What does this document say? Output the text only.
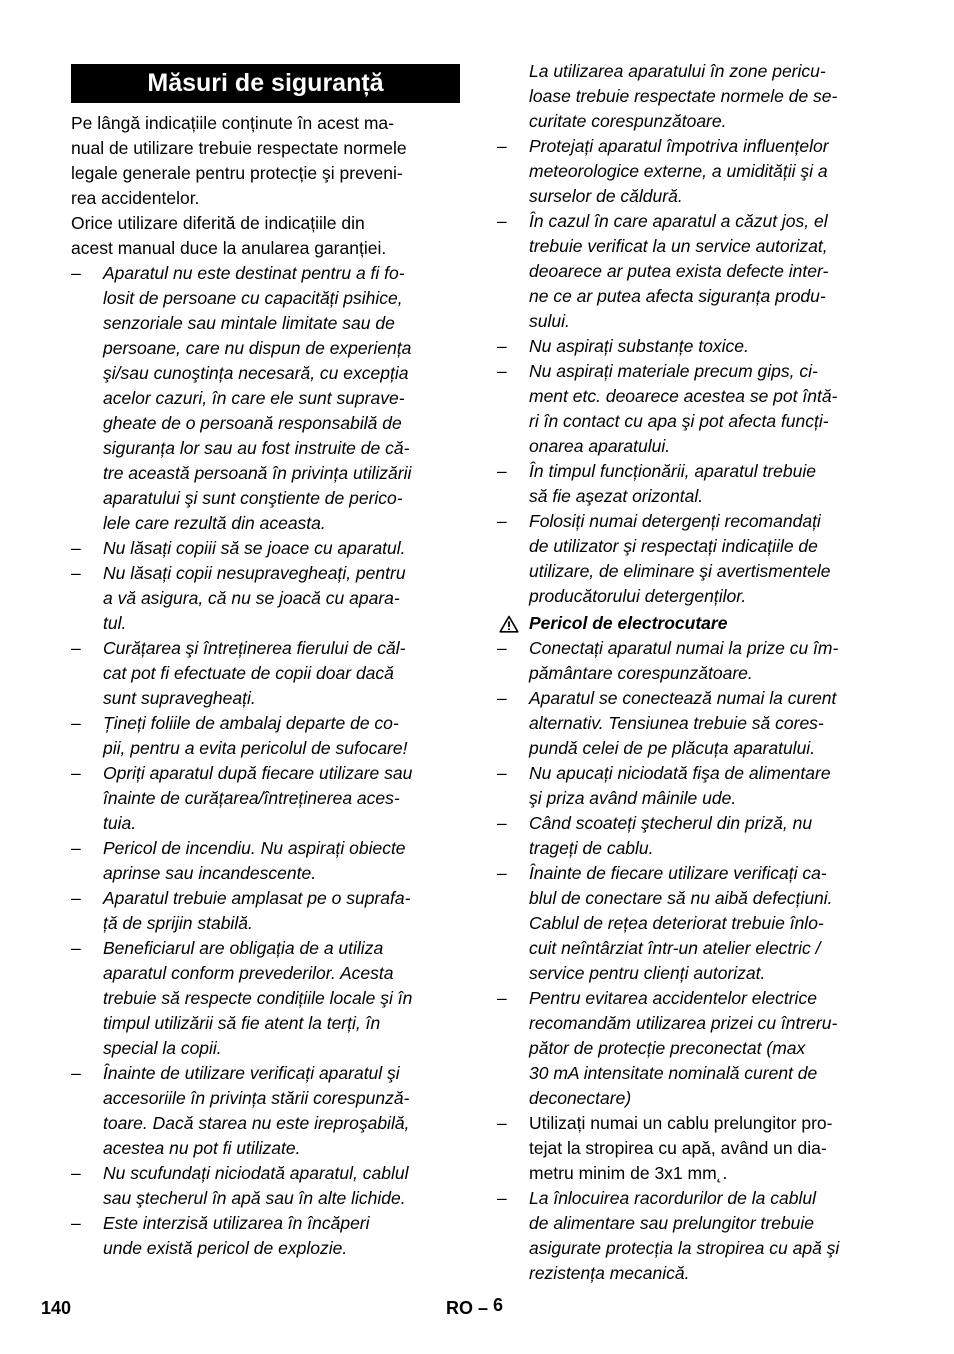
Măsuri de siguranță

Pe lângă indicațiile conținute în acest ma-
nual de utilizare trebuie respectate normele
legale generale pentru protecție şi preveni-
rea accidentelor.

Orice utilizare diferită de indicațiile din
acest manual duce la anularea garanției.

–	Aparatul nu este destinat pentru a fi fo-
losit de persoane cu capacități psihice,
senzoriale sau mintale limitate sau de
persoane, care nu dispun de experiența
şi/sau cunoştința necesară, cu excepția
acelor cazuri, în care ele sunt suprave-
gheate de o persoană responsabilă de
siguranța lor sau au fost instruite de că-
tre această persoană în privința utilizării
aparatului şi sunt conştiente de perico-
lele care rezultă din aceasta.
–	Nu lăsați copiii să se joace cu aparatul.
–	Nu lăsați copii nesupravegheați, pentru
a vă asigura, că nu se joacă cu apara-
tul.
–	Curățarea şi întreținerea fierului de căl-
cat pot fi efectuate de copii doar dacă
sunt supravegheați.
–	Țineți foliile de ambalaj departe de co-
pii, pentru a evita pericolul de sufocare!
–	Opriți aparatul după fiecare utilizare sau
înainte de curățarea/întreținerea aces-
tuia.
–	Pericol de incendiu. Nu aspirați obiecte
aprinse sau incandescente.
–	Aparatul trebuie amplasat pe o suprafa-
ță de sprijin stabilă.
–	Beneficiarul are obligația de a utiliza
aparatul conform prevederilor. Acesta
trebuie să respecte condițiile locale şi în
timpul utilizării să fie atent la terți, în
special la copii.
–	Înainte de utilizare verificați aparatul şi
accesoriile în privința stării corespunză-
toare. Dacă starea nu este ireproşabilă,
acestea nu pot fi utilizate.
–	Nu scufundați niciodată aparatul, cablul
sau ştecherul în apă sau în alte lichide.
–	Este interzisă utilizarea în încăperi
unde există pericol de explozie.
La utilizarea aparatului în zone pericu-
loase trebuie respectate normele de se-
curitate corespunzătoare.
–	Protejați aparatul împotriva influențelor
meteorologice externe, a umidității şi a
surselor de căldură.
–	În cazul în care aparatul a căzut jos, el
trebuie verificat la un service autorizat,
deoarece ar putea exista defecte inter-
ne ce ar putea afecta siguranța produ-
sului.
–	Nu aspirați substanțe toxice.
–	Nu aspirați materiale precum gips, ci-
ment etc. deoarece acestea se pot întă-
ri în contact cu apa şi pot afecta funcți-
onarea aparatului.
–	În timpul funcționării, aparatul trebuie
să fie aşezat orizontal.
–	Folosiți numai detergenți recomandați
de utilizator şi respectați indicațiile de
utilizare, de eliminare şi avertismentele
producătorului detergenților.
Pericol de electrocutare
–	Conectați aparatul numai la prize cu îm-
pământare corespunzătoare.
–	Aparatul se conectează numai la curent
alternativ. Tensiunea trebuie să cores-
pundă celei de pe plăcuța aparatului.
–	Nu apucați niciodată fişa de alimentare
şi priza având mâinile ude.
–	Când scoateți ştecherul din priză, nu
trageți de cablu.
–	Înainte de fiecare utilizare verificați ca-
blul de conectare să nu aibă defecțiuni.
Cablul de rețea deteriorat trebuie înlo-
cuit neîntârziat într-un atelier electric /
service pentru clienți autorizat.
–	Pentru evitarea accidentelor electrice
recomandăm utilizarea prizei cu întreru-
pător de protecție preconectat (max
30 mA intensitate nominală curent de
deconectare)
–	Utilizați numai un cablu prelungitor pro-
tejat la stropirea cu apă, având un dia-
metru minim de 3x1 mm˛.
–	La înlocuirea racordurilor de la cablul
de alimentare sau prelungitor trebuie
asigurate protecția la stropirea cu apă şi
rezistența mecanică.
140	RO – 6
